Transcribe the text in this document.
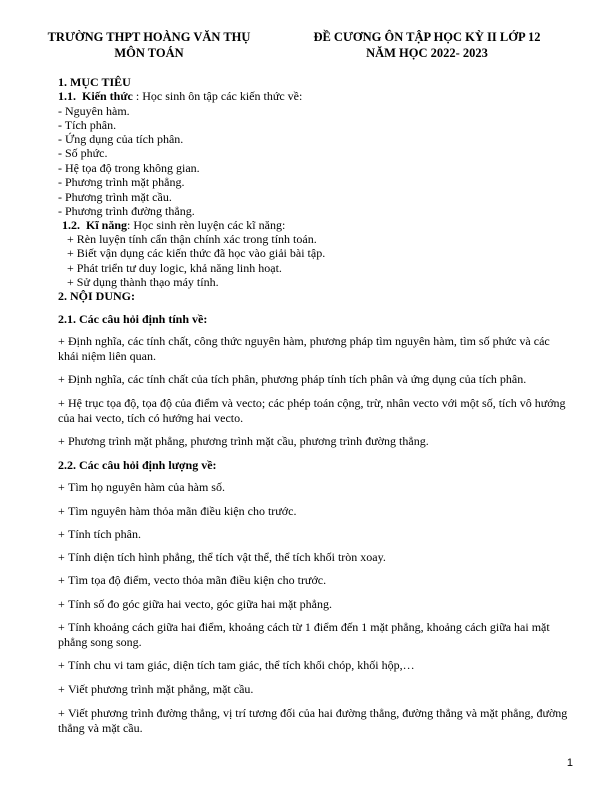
TRƯỜNG THPT HOÀNG VĂN THỤ
MÔN TOÁN
ĐỀ CƯƠNG ÔN TẬP HỌC KỲ II LỚP 12
NĂM HỌC 2022- 2023
1. MỤC TIÊU
1.1. Kiến thức : Học sinh ôn tập các kiến thức về:
- Nguyên hàm.
- Tích phân.
- Ứng dụng của tích phân.
- Số phức.
- Hệ tọa độ trong không gian.
- Phương trình mặt phẳng.
- Phương trình mặt cầu.
- Phương trình đường thẳng.
1.2. Kĩ năng: Học sinh rèn luyện các kĩ năng:
+ Rèn luyện tính cẩn thận chính xác trong tính toán.
+ Biết vận dụng các kiến thức đã học vào giải bài tập.
+ Phát triển tư duy logic, khả năng linh hoạt.
+ Sử dụng thành thạo máy tính.
2. NỘI DUNG:
2.1. Các câu hỏi định tính về:
+ Định nghĩa, các tính chất, công thức nguyên hàm, phương pháp tìm nguyên hàm, tìm số phức và các khái niệm liên quan.
+ Định nghĩa, các tính chất của tích phân, phương pháp tính tích phân và ứng dụng của tích phân.
+ Hệ trục tọa độ, tọa độ của điểm và vecto; các phép toán cộng, trừ, nhân vecto với một số, tích vô hướng của hai vecto, tích có hướng hai vecto.
+ Phương trình mặt phẳng, phương trình mặt cầu, phương trình đường thẳng.
2.2. Các câu hỏi định lượng về:
+ Tìm họ nguyên hàm của hàm số.
+ Tìm nguyên hàm thỏa mãn điều kiện cho trước.
+ Tính tích phân.
+ Tính diện tích hình phẳng, thể tích vật thể, thể tích khối tròn xoay.
+ Tìm tọa độ điểm, vecto thỏa mãn điều kiện cho trước.
+ Tính số đo góc giữa hai vecto, góc giữa hai mặt phẳng.
+ Tính khoảng cách giữa hai điểm, khoảng cách từ 1 điểm đến 1 mặt phẳng, khoảng cách giữa hai mặt phẳng song song.
+ Tính chu vi tam giác, diện tích tam giác, thể tích khối chóp, khối hộp,…
+ Viết phương trình mặt phẳng, mặt cầu.
+ Viết phương trình đường thẳng, vị trí tương đối của hai đường thẳng, đường thẳng và mặt phẳng, đường thẳng và mặt cầu.
1
